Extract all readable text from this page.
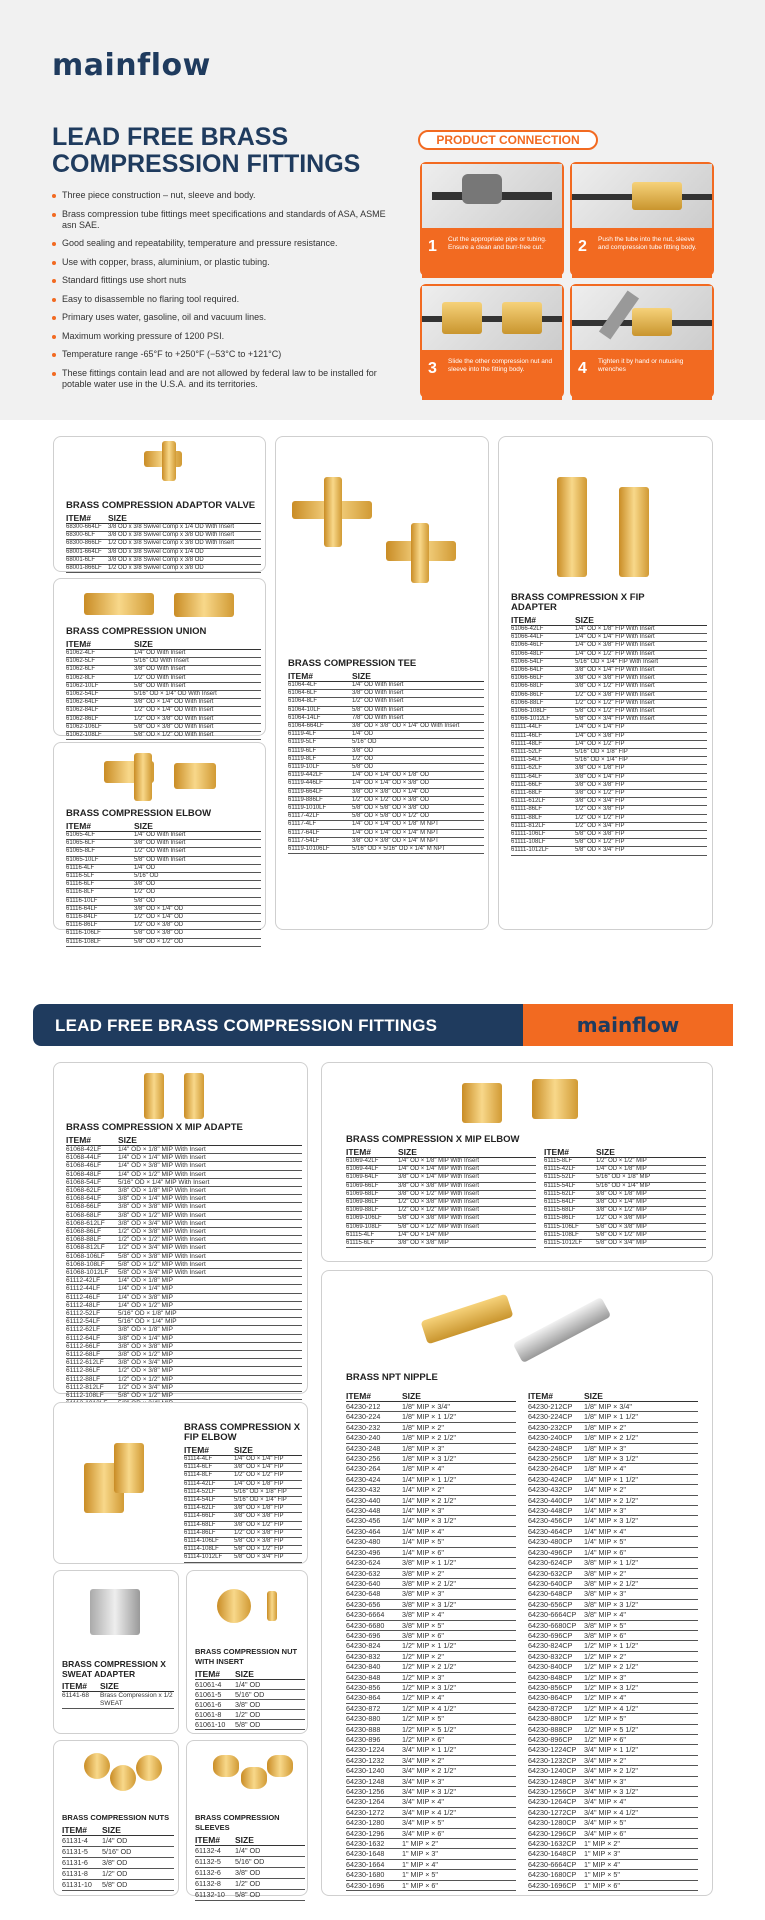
mainflow
LEAD FREE BRASS COMPRESSION FITTINGS
Three piece construction – nut, sleeve and body.
Brass compression tube fittings meet specifications and standards of ASA, ASME asn SAE.
Good sealing and repeatability, temperature and pressure resistance.
Use with copper, brass, aluminium, or plastic tubing.
Standard fittings use short nuts
Easy to disassemble no flaring tool required.
Primary uses water, gasoline, oil and vacuum lines.
Maximum working pressure of 1200 PSI.
Temperature range -65°F to +250°F (−53°C to +121°C)
These fittings contain lead and are not allowed by federal law to be installed for potable water use in the U.S.A. and its territories.
PRODUCT CONNECTION
Cut the appropriate pipe or tubing. Ensure a clean and burr-free cut.
1	Push the tube into the nut, sleeve and compression tube fitting body.
2
Slide the other compression nut and sleeve into the fitting body.
3	Tighten it by hand or nutusing wrenches
4
BRASS COMPRESSION ADAPTOR VALVE
ITEM#	SIZE
68300-664LF	3/8 OD x 3/8 Swivel Comp x 1/4 OD With Insert
68300-6LF	3/8 OD x 3/8 Swivel Comp x 3/8 OD With Insert
68300-866LF	1/2 OD x 3/8 Swivel Comp x 3/8 OD With Insert
68001-664LF	3/8 OD x 3/8 Swivel Comp x 1/4 OD
68001-6LF	3/8 OD x 3/8 Swivel Comp x 3/8 OD
68001-866LF	1/2 OD x 3/8 Swivel Comp x 3/8 OD
BRASS COMPRESSION UNION
ITEM#	SIZE
61062-4LF	1/4" OD With Insert
61062-5LF	5/16" OD With Insert
61062-6LF	3/8" OD With Insert
61062-8LF	1/2" OD With Insert
61062-10LF	5/8" OD With Insert
61062-54LF	5/16" OD × 1/4" OD With Insert
61062-64LF	3/8" OD × 1/4" OD With Insert
61062-84LF	1/2" OD × 1/4" OD With Insert
61062-86LF	1/2" OD × 3/8" OD With Insert
61062-106LF	5/8" OD × 3/8" OD With Insert
61062-108LF	5/8" OD × 1/2" OD With Insert
BRASS COMPRESSION ELBOW
ITEM#	SIZE
61065-4LF	1/4" OD With Insert
61065-6LF	3/8" OD With Insert
61065-8LF	1/2" OD With Insert
61065-10LF	5/8" OD With Insert
61116-4LF	1/4" OD
61116-5LF	5/16" OD
61116-6LF	3/8" OD
61116-8LF	1/2" OD
61116-10LF	5/8" OD
61116-64LF	3/8" OD × 1/4" OD
61116-84LF	1/2" OD × 1/4" OD
61116-86LF	1/2" OD × 3/8" OD
61116-106LF	5/8" OD × 3/8" OD
61116-108LF	5/8" OD × 1/2" OD
BRASS COMPRESSION TEE
ITEM#	SIZE
61064-4LF	1/4" OD With Insert
61064-6LF	3/8" OD With Insert
61064-8LF	1/2" OD With Insert
61064-10LF	5/8" OD With Insert
61064-14LF	7/8" OD With Insert
61064-664LF	3/8" OD × 3/8" OD × 1/4" OD With Insert
61119-4LF	1/4" OD
61119-5LF	5/16" OD
61119-6LF	3/8" OD
61119-8LF	1/2" OD
61119-10LF	5/8" OD
61119-442LF	1/4" OD × 1/4" OD × 1/8" OD
61119-446LF	1/4" OD × 1/4" OD × 3/8" OD
61119-664LF	3/8" OD × 3/8" OD × 1/4" OD
61119-886LF	1/2" OD × 1/2" OD × 3/8" OD
61119-1010LF	5/8" OD × 5/8" OD × 3/8" OD
61117-42LF	5/8" OD × 5/8" OD × 1/2" OD
61117-4LF	1/4" OD × 1/4" OD × 1/8" M NPT
61117-64LF	1/4" OD × 1/4" OD × 1/4" M NPT
61117-54LF	3/8" OD × 3/8" OD × 1/4" M NPT
61119-10106LF	5/16" OD × 5/16" OD × 1/4" M NPT
BRASS COMPRESSION X FIP ADAPTER
ITEM#	SIZE
61066-42LF	1/4" OD × 1/8" FIP With Insert
61066-44LF	1/4" OD × 1/4" FIP With Insert
61066-46LF	1/4" OD × 3/8" FIP With Insert
61066-48LF	1/4" OD × 1/2" FIP With Insert
61066-54LF	5/16" OD × 1/4" FIP With Insert
61066-64LF	3/8" OD × 1/4" FIP With Insert
61066-66LF	3/8" OD × 3/8" FIP With Insert
61066-68LF	3/8" OD × 1/2" FIP With Insert
61066-86LF	1/2" OD × 3/8" FIP With Insert
61066-88LF	1/2" OD × 1/2" FIP With Insert
61066-108LF	5/8" OD × 1/2" FIP With Insert
61066-1012LF	5/8" OD × 3/4" FIP With Insert
61111-44LF	1/4" OD × 1/4" FIP
61111-46LF	1/4" OD × 3/8" FIP
61111-48LF	1/4" OD × 1/2" FIP
61111-52LF	5/16" OD × 1/8" FIP
61111-54LF	5/16" OD × 1/4" FIP
61111-62LF	3/8" OD × 1/8" FIP
61111-64LF	3/8" OD × 1/4" FIP
61111-66LF	3/8" OD × 3/8" FIP
61111-68LF	3/8" OD × 1/2" FIP
61111-612LF	3/8" OD × 3/4" FIP
61111-86LF	1/2" OD × 3/8" FIP
61111-88LF	1/2" OD × 1/2" FIP
61111-812LF	1/2" OD × 3/4" FIP
61111-106LF	5/8" OD × 3/8" FIP
61111-108LF	5/8" OD × 1/2" FIP
61111-1012LF	5/8" OD × 3/4" FIP
LEAD FREE BRASS COMPRESSION FITTINGS	mainflow
BRASS COMPRESSION X MIP ADAPTE
ITEM#	SIZE
61068-42LF	1/4" OD × 1/8" MIP With Insert
61068-44LF	1/4" OD × 1/4" MIP With Insert
61068-46LF	1/4" OD × 3/8" MIP With Insert
61068-48LF	1/4" OD × 1/2" MIP With Insert
61068-54LF	5/16" OD × 1/4" MIP With Insert
61068-62LF	3/8" OD × 1/8" MIP With Insert
61068-64LF	3/8" OD × 1/4" MIP With Insert
61068-66LF	3/8" OD × 3/8" MIP With Insert
61068-68LF	3/8" OD × 1/2" MIP With Insert
61068-612LF	3/8" OD × 3/4" MIP With Insert
61068-86LF	1/2" OD × 3/8" MIP With Insert
61068-88LF	1/2" OD × 1/2" MIP With Insert
61068-812LF	1/2" OD × 3/4" MIP With Insert
61068-106LF	5/8" OD × 3/8" MIP With Insert
61068-108LF	5/8" OD × 1/2" MIP With Insert
61068-1012LF	5/8" OD × 3/4" MIP With Insert
61112-42LF	1/4" OD × 1/8" MIP
61112-44LF	1/4" OD × 1/4" MIP
61112-46LF	1/4" OD × 3/8" MIP
61112-48LF	1/4" OD × 1/2" MIP
61112-52LF	5/16" OD × 1/8" MIP
61112-54LF	5/16" OD × 1/4" MIP
61112-62LF	3/8" OD × 1/8" MIP
61112-64LF	3/8" OD × 1/4" MIP
61112-66LF	3/8" OD × 3/8" MIP
61112-68LF	3/8" OD × 1/2" MIP
61112-612LF	3/8" OD × 3/4" MIP
61112-86LF	1/2" OD × 3/8" MIP
61112-88LF	1/2" OD × 1/2" MIP
61112-812LF	1/2" OD × 3/4" MIP
61112-108LF	5/8" OD × 1/2" MIP
BRASS COMPRESSION X FIP ELBOW
ITEM#	SIZE
61114-4LF	1/4" OD × 1/4" FIP
61114-6LF	3/8" OD × 1/4" FIP
61114-8LF	1/2" OD × 1/2" FIP
61114-42LF	1/4" OD × 1/8" FIP
61114-52LF	5/16" OD × 1/8" FIP
61114-54LF	5/16" OD × 1/4" FIP
61114-62LF	3/8" OD × 1/8" FIP
61114-66LF	3/8" OD × 3/8" FIP
61114-68LF	3/8" OD × 1/2" FIP
61114-86LF	1/2" OD × 3/8" FIP
61114-106LF	5/8" OD × 3/8" FIP
61114-108LF	5/8" OD × 1/2" FIP
61114-1012LF	5/8" OD × 3/4" FIP
BRASS COMPRESSION X SWEAT ADAPTER
ITEM#	SIZE
61141-68	Brass Compression x 1/2 SWEAT
BRASS COMPRESSION NUT WITH INSERT
ITEM#	SIZE
61061-4	1/4" OD
61061-5	5/16" OD
61061-6	3/8" OD
61061-8	1/2" OD
61061-10	5/8" OD
BRASS COMPRESSION NUTS
ITEM#	SIZE
61131-4	1/4" OD
61131-5	5/16" OD
61131-6	3/8" OD
61131-8	1/2" OD
61131-10	5/8" OD
BRASS COMPRESSION SLEEVES
ITEM#	SIZE
61132-4	1/4" OD
61132-5	5/16" OD
61132-6	3/8" OD
61132-8	1/2" OD
61132-10	5/8" OD
BRASS COMPRESSION X MIP ELBOW
ITEM#	SIZE
61069-42LF	1/4" OD × 1/8" MIP With Insert
61069-44LF	1/4" OD × 1/4" MIP With Insert
61069-64LF	3/8" OD × 1/4" MIP With Insert
61069-66LF	3/8" OD × 3/8" MIP With Insert
61069-68LF	3/8" OD × 1/2" MIP With Insert
61069-86LF	1/2" OD × 3/8" MIP With Insert
61069-88LF	1/2" OD × 1/2" MIP With Insert
61069-106LF	5/8" OD × 3/8" MIP With Insert
61069-108LF	5/8" OD × 1/2" MIP With Insert
61115-4LF	1/4" OD × 1/4" MIP
61115-6LF	3/8" OD × 3/8" MIP
ITEM#	SIZE
61115-8LF	1/2" OD × 1/2" MIP
61115-42LF	1/4" OD × 1/8" MIP
61115-52LF	5/16" OD × 1/8" MIP
61115-54LF	5/16" OD × 1/4" MIP
61115-62LF	3/8" OD × 1/8" MIP
61115-64LF	3/8" OD × 1/4" MIP
61115-68LF	3/8" OD × 1/2" MIP
61115-86LF	1/2" OD × 3/8" MIP
61115-106LF	5/8" OD × 3/8" MIP
61115-108LF	5/8" OD × 1/2" MIP
61115-1012LF	5/8" OD × 3/4" MIP
BRASS NPT NIPPLE
ITEM#	SIZE
64230-212	1/8" MIP × 3/4"
64230-224	1/8" MIP × 1 1/2"
64230-232	1/8" MIP × 2"
64230-240	1/8" MIP × 2 1/2"
64230-248	1/8" MIP × 3"
64230-256	1/8" MIP × 3 1/2"
64230-264	1/8" MIP × 4"
64230-424	1/4" MIP × 1 1/2"
64230-432	1/4" MIP × 2"
64230-440	1/4" MIP × 2 1/2"
64230-448	1/4" MIP × 3"
64230-456	1/4" MIP × 3 1/2"
64230-464	1/4" MIP × 4"
64230-480	1/4" MIP × 5"
64230-496	1/4" MIP × 6"
64230-624	3/8" MIP × 1 1/2"
64230-632	3/8" MIP × 2"
64230-640	3/8" MIP × 2 1/2"
64230-648	3/8" MIP × 3"
64230-656	3/8" MIP × 3 1/2"
64230-6664	3/8" MIP × 4"
64230-6680	3/8" MIP × 5"
64230-696	3/8" MIP × 6"
64230-824	1/2" MIP × 1 1/2"
64230-832	1/2" MIP × 2"
64230-840	1/2" MIP × 2 1/2"
64230-848	1/2" MIP × 3"
64230-856	1/2" MIP × 3 1/2"
64230-864	1/2" MIP × 4"
64230-872	1/2" MIP × 4 1/2"
64230-880	1/2" MIP × 5"
64230-888	1/2" MIP × 5 1/2"
64230-896	1/2" MIP × 6"
64230-1224	3/4" MIP × 1 1/2"
64230-1232	3/4" MIP × 2"
64230-1240	3/4" MIP × 2 1/2"
64230-1248	3/4" MIP × 3"
64230-1256	3/4" MIP × 3 1/2"
64230-1264	3/4" MIP × 4"
64230-1272	3/4" MIP × 4 1/2"
64230-1280	3/4" MIP × 5"
64230-1296	3/4" MIP × 6"
64230-1632	1" MIP × 2"
64230-1648	1" MIP × 3"
64230-1664	1" MIP × 4"
64230-1680	1" MIP × 5"
64230-1696	1" MIP × 6"
ITEM#	SIZE
64230-212CP	1/8" MIP × 3/4"
64230-224CP	1/8" MIP × 1 1/2"
64230-232CP	1/8" MIP × 2"
64230-240CP	1/8" MIP × 2 1/2"
64230-248CP	1/8" MIP × 3"
64230-256CP	1/8" MIP × 3 1/2"
64230-264CP	1/8" MIP × 4"
64230-424CP	1/4" MIP × 1 1/2"
64230-432CP	1/4" MIP × 2"
64230-440CP	1/4" MIP × 2 1/2"
64230-448CP	1/4" MIP × 3"
64230-456CP	1/4" MIP × 3 1/2"
64230-464CP	1/4" MIP × 4"
64230-480CP	1/4" MIP × 5"
64230-496CP	1/4" MIP × 6"
64230-624CP	3/8" MIP × 1 1/2"
64230-632CP	3/8" MIP × 2"
64230-640CP	3/8" MIP × 2 1/2"
64230-648CP	3/8" MIP × 3"
64230-656CP	3/8" MIP × 3 1/2"
64230-6664CP	3/8" MIP × 4"
64230-6680CP	3/8" MIP × 5"
64230-696CP	3/8" MIP × 6"
64230-824CP	1/2" MIP × 1 1/2"
64230-832CP	1/2" MIP × 2"
64230-840CP	1/2" MIP × 2 1/2"
64230-848CP	1/2" MIP × 3"
64230-856CP	1/2" MIP × 3 1/2"
64230-864CP	1/2" MIP × 4"
64230-872CP	1/2" MIP × 4 1/2"
64230-880CP	1/2" MIP × 5"
64230-888CP	1/2" MIP × 5 1/2"
64230-896CP	1/2" MIP × 6"
64230-1224CP	3/4" MIP × 1 1/2"
64230-1232CP	3/4" MIP × 2"
64230-1240CP	3/4" MIP × 2 1/2"
64230-1248CP	3/4" MIP × 3"
64230-1256CP	3/4" MIP × 3 1/2"
64230-1264CP	3/4" MIP × 4"
64230-1272CP	3/4" MIP × 4 1/2"
64230-1280CP	3/4" MIP × 5"
64230-1296CP	3/4" MIP × 6"
64230-1632CP	1" MIP × 2"
64230-1648CP	1" MIP × 3"
64230-6664CP	1" MIP × 4"
64230-1680CP	1" MIP × 5"
64230-1696CP	1" MIP × 6"
